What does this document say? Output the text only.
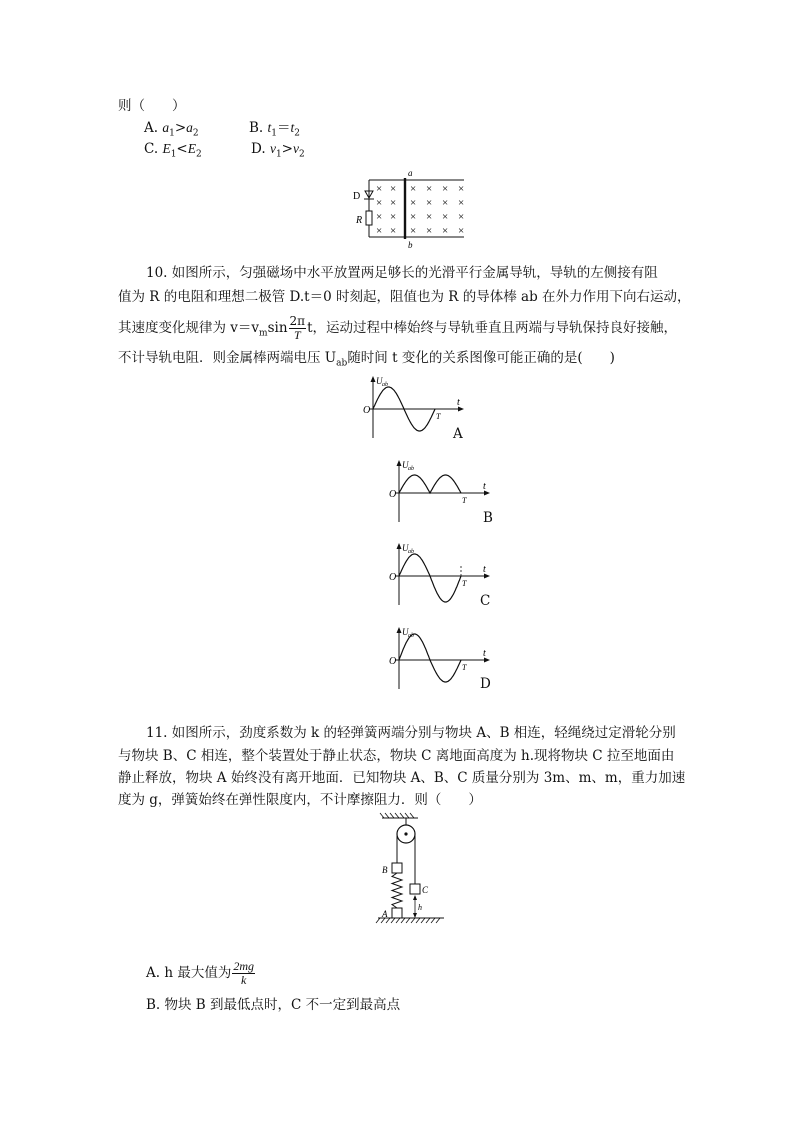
则（　　）
A. $a_1>a_2$	B. $t_1=t_2$
C. $E_1<E_2$	D. $v_1>v_2$
D
R
a
b
× × × × × ×
× × × × × ×
× × × × × ×
× × × × × ×
10. 如图所示，匀强磁场中水平放置两足够长的光滑平行金属导轨，导轨的左侧接有阻
值为 R 的电阻和理想二极管 D.t＝0 时刻起，阻值也为 R 的导体棒 ab 在外力作用下向右运动，
其速度变化规律为 $v=v_m\sin \frac{2\pi}{T}$ t，运动过程中棒始终与导轨垂直且两端与导轨保持良好接触，
不计导轨电阻．则金属棒两端电压 $U_{ab}$随时间 t 变化的关系图像可能正确的是(　　)
U ab
O
t
T
U ab
O
t
T
U ab
O
t
T
U ab
O
t
T
A
B
C
D
11. 如图所示，劲度系数为 k 的轻弹簧两端分别与物块 A、B 相连，轻绳绕过定滑轮分别
与物块 B、C 相连，整个装置处于静止状态，物块 C 离地面高度为 h.现将物块 C 拉至地面由
静止释放，物块 A 始终没有离开地面．已知物块 A、B、C 质量分别为 3m、m、m，重力加速
度为 g，弹簧始终在弹性限度内，不计摩擦阻力．则（　　）
B
C
h
A
A. h 最大值为 $\frac{2mg}{k}$
B. 物块 B 到最低点时，C 不一定到最高点
